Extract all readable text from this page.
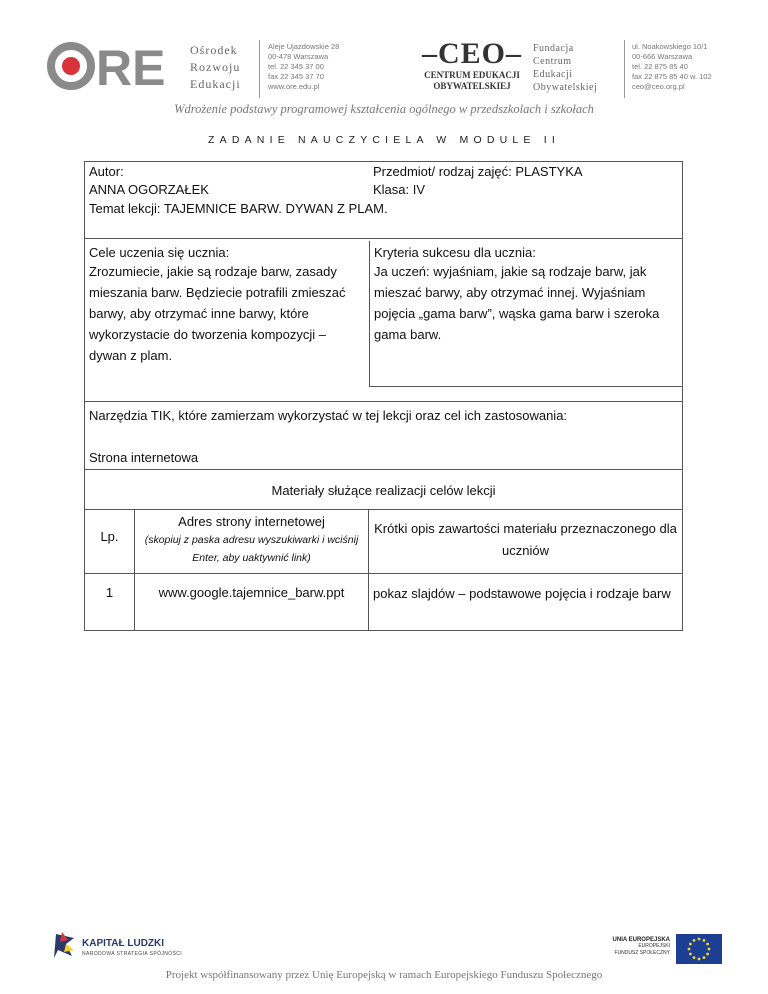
RE Ośrodek
Rozwoju
Edukacji
Aleje Ujazdowskie 28
00-478 Warszawa
tel. 22 345 37 00
fax 22 345 37 70
www.ore.edu.pl
–CEO–
CENTRUM EDUKACJI
OBYWATELSKIEJ
Fundacja
Centrum
Edukacji
Obywatelskiej
ul. Noakowskiego 10/1
00-666 Warszawa
tel. 22 875 85 40
fax 22 875 85 40 w. 102
ceo@ceo.org.pl
Wdrożenie podstawy programowej kształcenia ogólnego w przedszkolach i szkołach
ZADANIE NAUCZYCIELA W MODULE II
Autor:
ANNA OGORZAŁEK
Przedmiot/ rodzaj zajęć: PLASTYKA
Klasa: IV
Temat lekcji: TAJEMNICE BARW. DYWAN Z PLAM.
Cele uczenia się ucznia:
Zrozumiecie, jakie są rodzaje barw, zasady mieszania barw. Będziecie potrafili zmieszać barwy, aby otrzymać inne barwy, które wykorzystacie do tworzenia kompozycji – dywan z plam.
Kryteria sukcesu dla ucznia:
Ja uczeń: wyjaśniam, jakie są rodzaje barw, jak mieszać barwy, aby otrzymać innej. Wyjaśniam pojęcia „gama barw”, wąska gama barw i szeroka gama barw.
Narzędzia TIK, które zamierzam wykorzystać w tej lekcji oraz cel ich zastosowania:
Strona internetowa
Materiały służące realizacji celów lekcji
Lp.
Adres strony internetowej
(skopiuj z paska adresu wyszukiwarki i wciśnij Enter, aby uaktywnić link)
Krótki opis zawartości materiału przeznaczonego dla uczniów
1	www.google.tajemnice_barw.ppt	pokaz slajdów – podstawowe pojęcia i rodzaje barw
KAPITAŁ LUDZKI
NARODOWA STRATEGIA SPÓJNOŚCI
UNIA EUROPEJSKA
EUROPEJSKI
FUNDUSZ SPOŁECZNY
Projekt współfinansowany przez Unię Europejską w ramach Europejskiego Funduszu Społecznego
